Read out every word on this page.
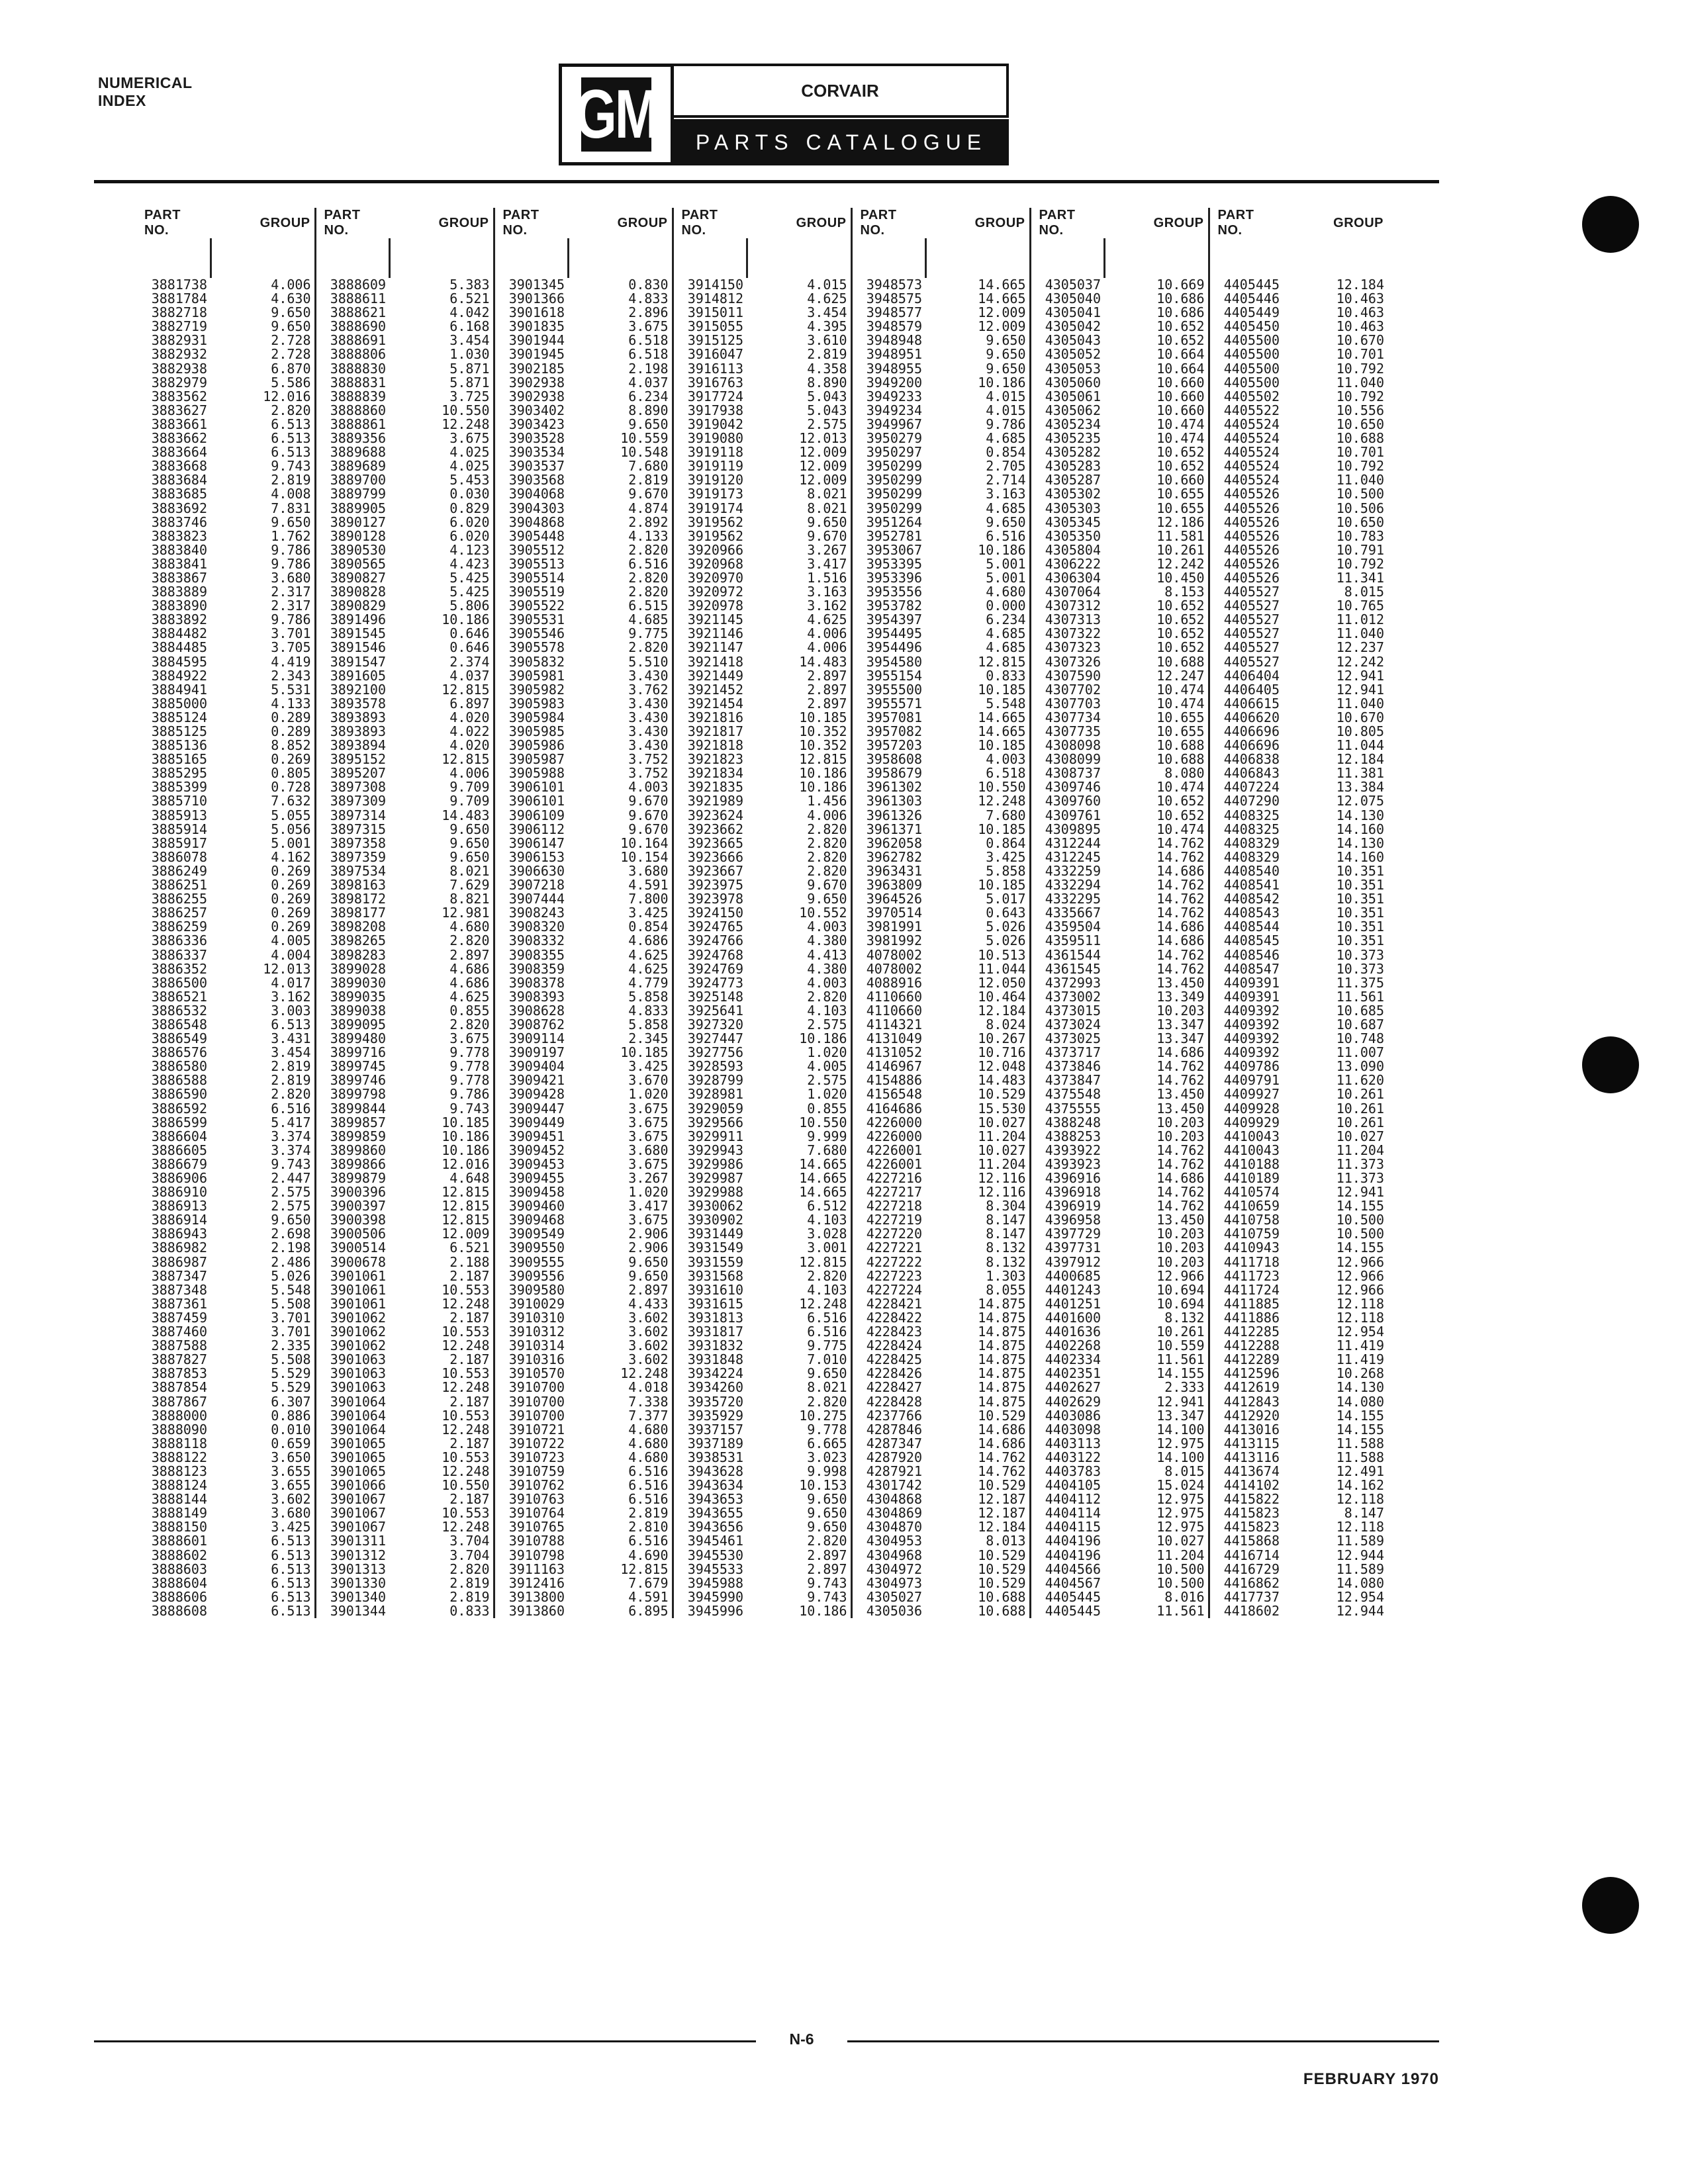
NUMERICAL
INDEX	GM	CORVAIR
PARTS CATALOGUE
PART NO.	GROUP	PART NO.	GROUP	PART NO.	GROUP	PART NO.	GROUP	PART NO.	GROUP	PART NO.	GROUP	PART NO.	GROUP

3881738	4.006	3888609	5.383	3901345	0.830	3914150	4.015	3948573	14.665	4305037	10.669	4405445	12.184
3881784	4.630	3888611	6.521	3901366	4.833	3914812	4.625	3948575	14.665	4305040	10.686	4405446	10.463
3882718	9.650	3888621	4.042	3901618	2.896	3915011	3.454	3948577	12.009	4305041	10.686	4405449	10.463
3882719	9.650	3888690	6.168	3901835	3.675	3915055	4.395	3948579	12.009	4305042	10.652	4405450	10.463
3882931	2.728	3888691	3.454	3901944	6.518	3915125	3.610	3948948	9.650	4305043	10.652	4405500	10.670
3882932	2.728	3888806	1.030	3901945	6.518	3916047	2.819	3948951	9.650	4305052	10.664	4405500	10.701
3882938	6.870	3888830	5.871	3902185	2.198	3916113	4.358	3948955	9.650	4305053	10.664	4405500	10.792
3882979	5.586	3888831	5.871	3902938	4.037	3916763	8.890	3949200	10.186	4305060	10.660	4405500	11.040
3883562	12.016	3888839	3.725	3902938	6.234	3917724	5.043	3949233	4.015	4305061	10.660	4405502	10.792
3883627	2.820	3888860	10.550	3903402	8.890	3917938	5.043	3949234	4.015	4305062	10.660	4405522	10.556
3883661	6.513	3888861	12.248	3903423	9.650	3919042	2.575	3949967	9.786	4305234	10.474	4405524	10.650
3883662	6.513	3889356	3.675	3903528	10.559	3919080	12.013	3950279	4.685	4305235	10.474	4405524	10.688
3883664	6.513	3889688	4.025	3903534	10.548	3919118	12.009	3950297	0.854	4305282	10.652	4405524	10.701
3883668	9.743	3889689	4.025	3903537	7.680	3919119	12.009	3950299	2.705	4305283	10.652	4405524	10.792
3883684	2.819	3889700	5.453	3903568	2.819	3919120	12.009	3950299	2.714	4305287	10.660	4405524	11.040
3883685	4.008	3889799	0.030	3904068	9.670	3919173	8.021	3950299	3.163	4305302	10.655	4405526	10.500
3883692	7.831	3889905	0.829	3904303	4.874	3919174	8.021	3950299	4.685	4305303	10.655	4405526	10.506
3883746	9.650	3890127	6.020	3904868	2.892	3919562	9.650	3951264	9.650	4305345	12.186	4405526	10.650
3883823	1.762	3890128	6.020	3905448	4.133	3919562	9.670	3952781	6.516	4305350	11.581	4405526	10.783
3883840	9.786	3890530	4.123	3905512	2.820	3920966	3.267	3953067	10.186	4305804	10.261	4405526	10.791
3883841	9.786	3890565	4.423	3905513	6.516	3920968	3.417	3953395	5.001	4306222	12.242	4405526	10.792
3883867	3.680	3890827	5.425	3905514	2.820	3920970	1.516	3953396	5.001	4306304	10.450	4405526	11.341
3883889	2.317	3890828	5.425	3905519	2.820	3920972	3.163	3953556	4.680	4307064	8.153	4405527	8.015
3883890	2.317	3890829	5.806	3905522	6.515	3920978	3.162	3953782	0.000	4307312	10.652	4405527	10.765
3883892	9.786	3891496	10.186	3905531	4.685	3921145	4.625	3954397	6.234	4307313	10.652	4405527	11.012
3884482	3.701	3891545	0.646	3905546	9.775	3921146	4.006	3954495	4.685	4307322	10.652	4405527	11.040
3884485	3.705	3891546	0.646	3905578	2.820	3921147	4.006	3954496	4.685	4307323	10.652	4405527	12.237
3884595	4.419	3891547	2.374	3905832	5.510	3921418	14.483	3954580	12.815	4307326	10.688	4405527	12.242
3884922	2.343	3891605	4.037	3905981	3.430	3921449	2.897	3955154	0.833	4307590	12.247	4406404	12.941
3884941	5.531	3892100	12.815	3905982	3.762	3921452	2.897	3955500	10.185	4307702	10.474	4406405	12.941
3885000	4.133	3893578	6.897	3905983	3.430	3921454	2.897	3955571	5.548	4307703	10.474	4406615	11.040
3885124	0.289	3893893	4.020	3905984	3.430	3921816	10.185	3957081	14.665	4307734	10.655	4406620	10.670
3885125	0.289	3893893	4.022	3905985	3.430	3921817	10.352	3957082	14.665	4307735	10.655	4406696	10.805
3885136	8.852	3893894	4.020	3905986	3.430	3921818	10.352	3957203	10.185	4308098	10.688	4406696	11.044
3885165	0.269	3895152	12.815	3905987	3.752	3921823	12.815	3958608	4.003	4308099	10.688	4406838	12.184
3885295	0.805	3895207	4.006	3905988	3.752	3921834	10.186	3958679	6.518	4308737	8.080	4406843	11.381
3885399	0.728	3897308	9.709	3906101	4.003	3921835	10.186	3961302	10.550	4309746	10.474	4407224	13.384
3885710	7.632	3897309	9.709	3906101	9.670	3921989	1.456	3961303	12.248	4309760	10.652	4407290	12.075
3885913	5.055	3897314	14.483	3906109	9.670	3923624	4.006	3961326	7.680	4309761	10.652	4408325	14.130
3885914	5.056	3897315	9.650	3906112	9.670	3923662	2.820	3961371	10.185	4309895	10.474	4408325	14.160
3885917	5.001	3897358	9.650	3906147	10.164	3923665	2.820	3962058	0.864	4312244	14.762	4408329	14.130
3886078	4.162	3897359	9.650	3906153	10.154	3923666	2.820	3962782	3.425	4312245	14.762	4408329	14.160
3886249	0.269	3897534	8.021	3906630	3.680	3923667	2.820	3963431	5.858	4332259	14.686	4408540	10.351
3886251	0.269	3898163	7.629	3907218	4.591	3923975	9.670	3963809	10.185	4332294	14.762	4408541	10.351
3886255	0.269	3898172	8.821	3907444	7.800	3923978	9.650	3964526	5.017	4332295	14.762	4408542	10.351
3886257	0.269	3898177	12.981	3908243	3.425	3924150	10.552	3970514	0.643	4335667	14.762	4408543	10.351
3886259	0.269	3898208	4.680	3908320	0.854	3924765	4.003	3981991	5.026	4359504	14.686	4408544	10.351
3886336	4.005	3898265	2.820	3908332	4.686	3924766	4.380	3981992	5.026	4359511	14.686	4408545	10.351
3886337	4.004	3898283	2.897	3908355	4.625	3924768	4.413	4078002	10.513	4361544	14.762	4408546	10.373
3886352	12.013	3899028	4.686	3908359	4.625	3924769	4.380	4078002	11.044	4361545	14.762	4408547	10.373
3886500	4.017	3899030	4.686	3908378	4.779	3924773	4.003	4088916	12.050	4372993	13.450	4409391	11.375
3886521	3.162	3899035	4.625	3908393	5.858	3925148	2.820	4110660	10.464	4373002	13.349	4409391	11.561
3886532	3.003	3899038	0.855	3908628	4.833	3925641	4.103	4110660	12.184	4373015	10.203	4409392	10.685
3886548	6.513	3899095	2.820	3908762	5.858	3927320	2.575	4114321	8.024	4373024	13.347	4409392	10.687
3886549	3.431	3899480	3.675	3909114	2.345	3927447	10.186	4131049	10.267	4373025	13.347	4409392	10.748
3886576	3.454	3899716	9.778	3909197	10.185	3927756	1.020	4131052	10.716	4373717	14.686	4409392	11.007
3886580	2.819	3899745	9.778	3909404	3.425	3928593	4.005	4146967	12.048	4373846	14.762	4409786	13.090
3886588	2.819	3899746	9.778	3909421	3.670	3928799	2.575	4154886	14.483	4373847	14.762	4409791	11.620
3886590	2.820	3899798	9.786	3909428	1.020	3928981	1.020	4156548	10.529	4375548	13.450	4409927	10.261
3886592	6.516	3899844	9.743	3909447	3.675	3929059	0.855	4164686	15.530	4375555	13.450	4409928	10.261
3886599	5.417	3899857	10.185	3909449	3.675	3929566	10.550	4226000	10.027	4388248	10.203	4409929	10.261
3886604	3.374	3899859	10.186	3909451	3.675	3929911	9.999	4226000	11.204	4388253	10.203	4410043	10.027
3886605	3.374	3899860	10.186	3909452	3.680	3929943	7.680	4226001	10.027	4393922	14.762	4410043	11.204
3886679	9.743	3899866	12.016	3909453	3.675	3929986	14.665	4226001	11.204	4393923	14.762	4410188	11.373
3886906	2.447	3899879	4.648	3909455	3.267	3929987	14.665	4227216	12.116	4396916	14.686	4410189	11.373
3886910	2.575	3900396	12.815	3909458	1.020	3929988	14.665	4227217	12.116	4396918	14.762	4410574	12.941
3886913	2.575	3900397	12.815	3909460	3.417	3930062	6.512	4227218	8.304	4396919	14.762	4410659	14.155
3886914	9.650	3900398	12.815	3909468	3.675	3930902	4.103	4227219	8.147	4396958	13.450	4410758	10.500
3886943	2.698	3900506	12.009	3909549	2.906	3931449	3.028	4227220	8.147	4397729	10.203	4410759	10.500
3886982	2.198	3900514	6.521	3909550	2.906	3931549	3.001	4227221	8.132	4397731	10.203	4410943	14.155
3886987	2.486	3900678	2.188	3909555	9.650	3931559	12.815	4227222	8.132	4397912	10.203	4411718	12.966
3887347	5.026	3901061	2.187	3909556	9.650	3931568	2.820	4227223	1.303	4400685	12.966	4411723	12.966
3887348	5.548	3901061	10.553	3909580	2.897	3931610	4.103	4227224	8.055	4401243	10.694	4411724	12.966
3887361	5.508	3901061	12.248	3910029	4.433	3931615	12.248	4228421	14.875	4401251	10.694	4411885	12.118
3887459	3.701	3901062	2.187	3910310	3.602	3931813	6.516	4228422	14.875	4401600	8.132	4411886	12.118
3887460	3.701	3901062	10.553	3910312	3.602	3931817	6.516	4228423	14.875	4401636	10.261	4412285	12.954
3887588	2.335	3901062	12.248	3910314	3.602	3931832	9.775	4228424	14.875	4402268	10.559	4412288	11.419
3887827	5.508	3901063	2.187	3910316	3.602	3931848	7.010	4228425	14.875	4402334	11.561	4412289	11.419
3887853	5.529	3901063	10.553	3910570	12.248	3934224	9.650	4228426	14.875	4402351	14.155	4412596	10.268
3887854	5.529	3901063	12.248	3910700	4.018	3934260	8.021	4228427	14.875	4402627	2.333	4412619	14.130
3887867	6.307	3901064	2.187	3910700	7.338	3935720	2.820	4228428	14.875	4402629	12.941	4412843	14.080
3888000	0.886	3901064	10.553	3910700	7.377	3935929	10.275	4237766	10.529	4403086	13.347	4412920	14.155
3888090	0.010	3901064	12.248	3910721	4.680	3937157	9.778	4287846	14.686	4403098	14.100	4413016	14.155
3888118	0.659	3901065	2.187	3910722	4.680	3937189	6.665	4287347	14.686	4403113	12.975	4413115	11.588
3888122	3.650	3901065	10.553	3910723	4.680	3938531	3.023	4287920	14.762	4403122	14.100	4413116	11.588
3888123	3.655	3901065	12.248	3910759	6.516	3943628	9.998	4287921	14.762	4403783	8.015	4413674	12.491
3888124	3.655	3901066	10.550	3910762	6.516	3943634	10.153	4301742	10.529	4404105	15.024	4414102	14.162
3888144	3.602	3901067	2.187	3910763	6.516	3943653	9.650	4304868	12.187	4404112	12.975	4415822	12.118
3888149	3.680	3901067	10.553	3910764	2.819	3943655	9.650	4304869	12.187	4404114	12.975	4415823	8.147
3888150	3.425	3901067	12.248	3910765	2.810	3943656	9.650	4304870	12.184	4404115	12.975	4415823	12.118
3888601	6.513	3901311	3.704	3910788	6.516	3945461	2.820	4304953	8.013	4404196	10.027	4415868	11.589
3888602	6.513	3901312	3.704	3910798	4.690	3945530	2.897	4304968	10.529	4404196	11.204	4416714	12.944
3888603	6.513	3901313	2.820	3911163	12.815	3945533	2.897	4304972	10.529	4404566	10.500	4416729	11.589
3888604	6.513	3901330	2.819	3912416	7.679	3945988	9.743	4304973	10.529	4404567	10.500	4416862	14.080
3888606	6.513	3901340	2.819	3913800	4.591	3945990	9.743	4305027	10.688	4405445	8.016	4417737	12.954
3888608	6.513	3901344	0.833	3913860	6.895	3945996	10.186	4305036	10.688	4405445	11.561	4418602	12.944
N-6
FEBRUARY 1970
